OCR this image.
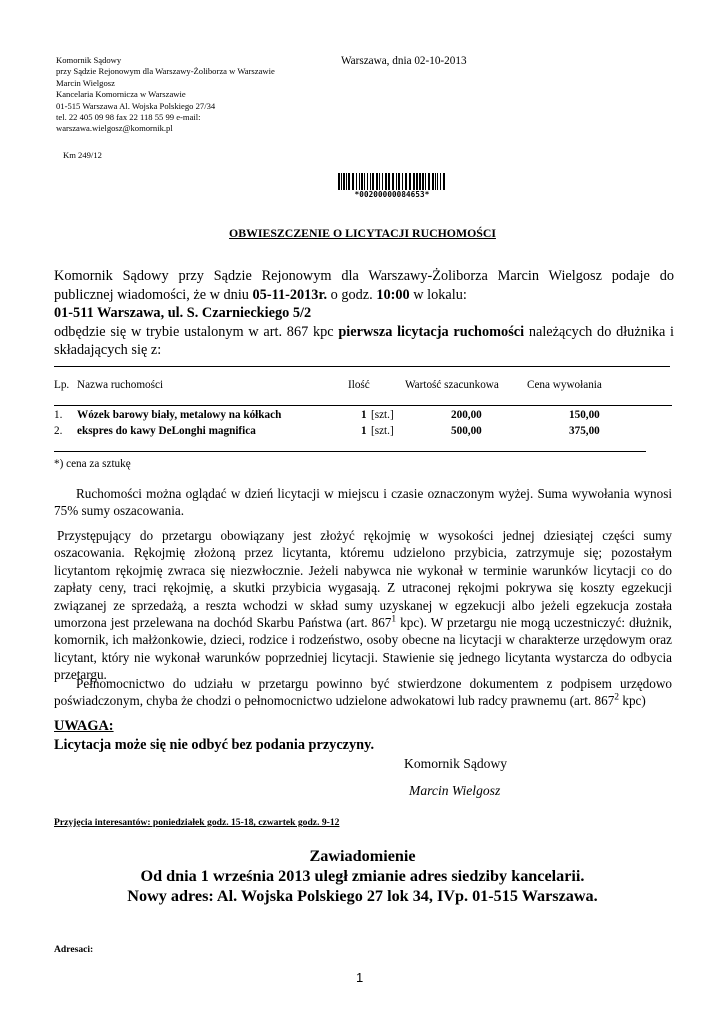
Komornik Sądowy
przy Sądzie Rejonowym dla Warszawy-Żoliborza w Warszawie
Marcin Wielgosz
Kancelaria Komornicza w Warszawie
01-515 Warszawa Al. Wojska Polskiego 27/34
tel. 22 405 09 98 fax 22 118 55 99 e-mail:
warszawa.wielgosz@komornik.pl
Km 249/12
Warszawa, dnia 02-10-2013
*00200000084653*
OBWIESZCZENIE O LICYTACJI RUCHOMOŚCI
Komornik Sądowy przy Sądzie Rejonowym dla Warszawy-Żoliborza Marcin Wielgosz podaje do publicznej wiadomości, że w dniu 05-11-2013r. o godz. 10:00 w lokalu:
01-511 Warszawa, ul. S. Czarnieckiego 5/2
odbędzie się w trybie ustalonym w art. 867 kpc pierwsza licytacja ruchomości należących do dłużnika i składających się z:
Lp. Nazwa ruchomości	Ilość	Wartość szacunkowa	Cena wywołania
1. Wózek barowy biały, metalowy na kółkach	1 [szt.]	200,00	150,00
2. ekspres do kawy DeLonghi magnifica	1 [szt.]	500,00	375,00
*) cena za sztukę
Ruchomości można oglądać w dzień licytacji w miejscu i czasie oznaczonym wyżej. Suma wywołania wynosi 75% sumy oszacowania.
Przystępujący do przetargu obowiązany jest złożyć rękojmię w wysokości jednej dziesiątej części sumy oszacowania. Rękojmię złożoną przez licytanta, któremu udzielono przybicia, zatrzymuje się; pozostałym licytantom rękojmię zwraca się niezwłocznie. Jeżeli nabywca nie wykonał w terminie warunków licytacji co do zapłaty ceny, traci rękojmię, a skutki przybicia wygasają. Z utraconej rękojmi pokrywa się koszty egzekucji związanej ze sprzedażą, a reszta wchodzi w skład sumy uzyskanej w egzekucji albo jeżeli egzekucja została umorzona jest przelewana na dochód Skarbu Państwa (art. $867^1$ kpc). W przetargu nie mogą uczestniczyć: dłużnik, komornik, ich małżonkowie, dzieci, rodzice i rodzeństwo, osoby obecne na licytacji w charakterze urzędowym oraz licytant, który nie wykonał warunków poprzedniej licytacji. Stawienie się jednego licytanta wystarcza do odbycia przetargu.
Pełnomocnictwo do udziału w przetargu powinno być stwierdzone dokumentem z podpisem urzędowo poświadczonym, chyba że chodzi o pełnomocnictwo udzielone adwokatowi lub radcy prawnemu (art. $867^2$ kpc)
UWAGA:
Licytacja może się nie odbyć bez podania przyczyny.
Komornik Sądowy
Marcin Wielgosz
Przyjęcia interesantów: poniedziałek godz. 15-18, czwartek godz. 9-12
Zawiadomienie
Od dnia 1 września 2013 uległ zmianie adres siedziby kancelarii.
Nowy adres: Al. Wojska Polskiego 27 lok 34, IVp. 01-515 Warszawa.
Adresaci:
1
